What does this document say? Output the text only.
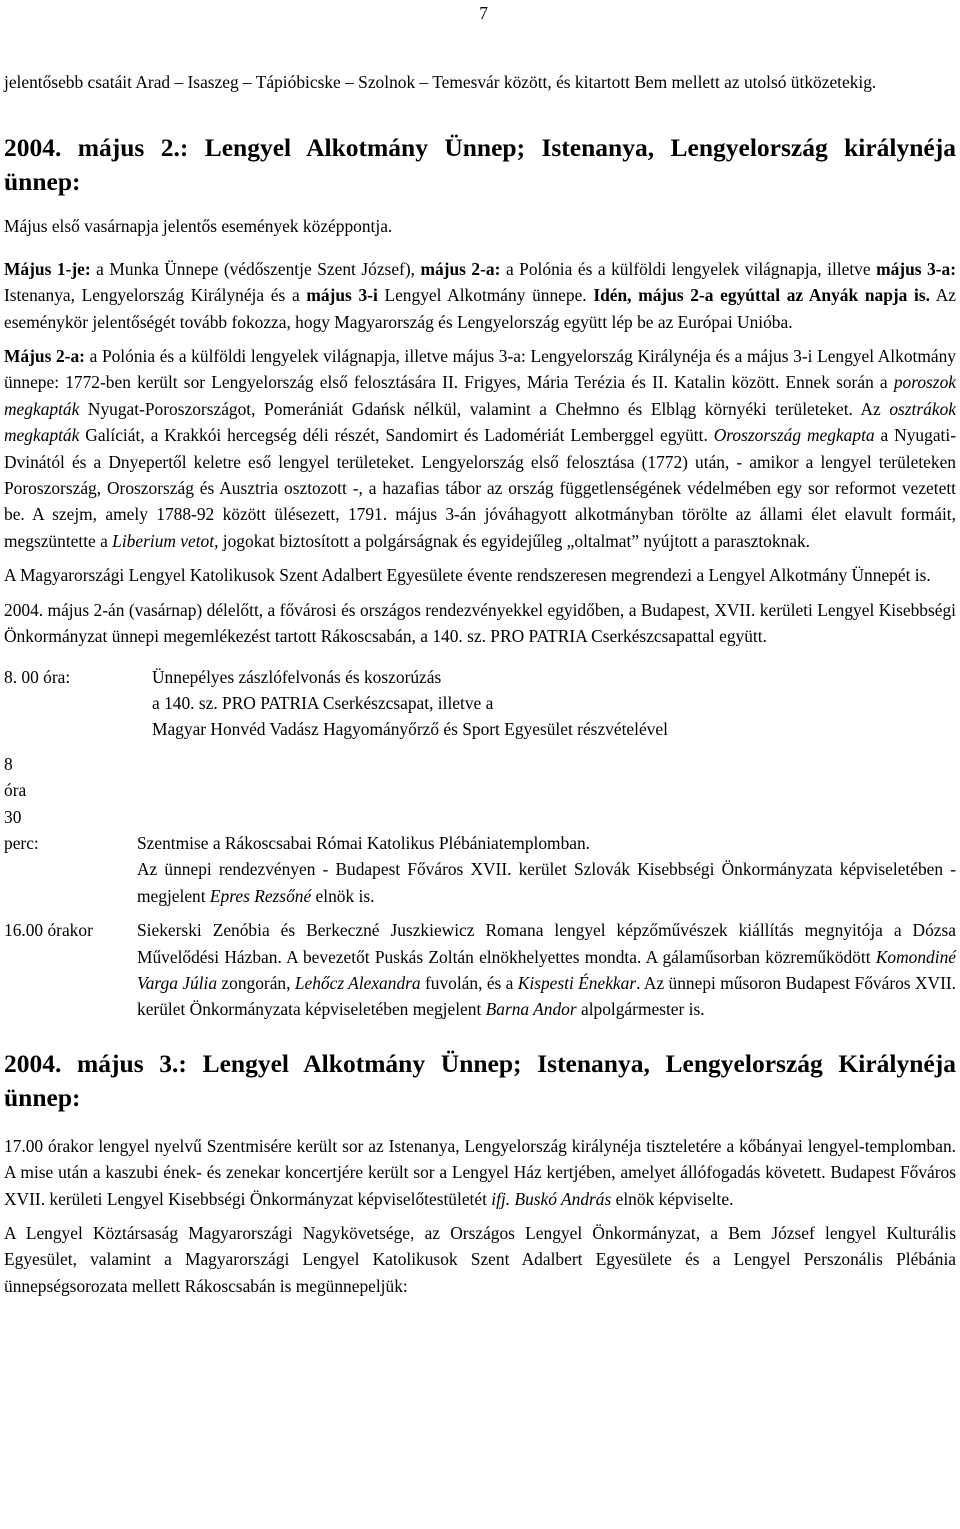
7

jelentősebb csatáit Arad – Isaszeg – Tápióbicske – Szolnok – Temesvár között, és kitartott Bem mellett az utolsó ütközetekig.

2004. május 2.: Lengyel Alkotmány Ünnep; Istenanya, Lengyelország királynéja ünnep:

Május első vasárnapja jelentős események középpontja.

Május 1-je: a Munka Ünnepe (védőszentje Szent József), május 2-a: a Polónia és a külföldi lengyelek világnapja, illetve május 3-a: Istenanya, Lengyelország Királynéja és a május 3-i Lengyel Alkotmány ünnepe. Idén, május 2-a egyúttal az Anyák napja is. Az eseménykör jelentőségét tovább fokozza, hogy Magyarország és Lengyelország együtt lép be az Európai Unióba.

Május 2-a: a Polónia és a külföldi lengyelek világnapja, illetve május 3-a: Lengyelország Királynéja és a május 3-i Lengyel Alkotmány ünnepe: 1772-ben került sor Lengyelország első felosztására II. Frigyes, Mária Terézia és II. Katalin között. Ennek során a poroszok megkapták Nyugat-Poroszországot, Pomerániát Gdańsk nélkül, valamint a Chełmno és Elbląg környéki területeket. Az osztrákok megkapták Galíciát, a Krakkói hercegség déli részét, Sandomirt és Ladomériát Lemberggel együtt. Oroszország megkapta a Nyugati-Dvinától és a Dnyepertől keletre eső lengyel területeket. Lengyelország első felosztása (1772) után, - amikor a lengyel területeken Poroszország, Oroszország és Ausztria osztozott -, a hazafias tábor az ország függetlenségének védelmében egy sor reformot vezetett be. A szejm, amely 1788-92 között ülésezett, 1791. május 3-án jóváhagyott alkotmányban törölte az állami élet elavult formáit, megszüntette a Liberium vetot, jogokat biztosított a polgárságnak és egyidejűleg „oltalmat” nyújtott a parasztoknak.

A Magyarországi Lengyel Katolikusok Szent Adalbert Egyesülete évente rendszeresen megrendezi a Lengyel Alkotmány Ünnepét is.

2004. május 2-án (vasárnap) délelőtt, a fővárosi és országos rendezvényekkel egyidőben, a Budapest, XVII. kerületi Lengyel Kisebbségi Önkormányzat ünnepi megemlékezést tartott Rákoscsabán, a 140. sz. PRO PATRIA Cserkészcsapattal együtt.

8. 00 óra:	Ünnepélyes zászlófelvonás és koszorúzás
a 140. sz. PRO PATRIA Cserkészcsapat, illetve a
Magyar Honvéd Vadász Hagyományőrző és Sport Egyesület részvételével
8 óra 30 perc:	Szentmise a Rákoscsabai Római Katolikus Plébániatemplomban.
Az ünnepi rendezvényen - Budapest Főváros XVII. kerület Szlovák Kisebbségi Önkormányzata képviseletében - megjelent Epres Rezsőné elnök is.
16.00 órakor	Siekerski Zenóbia és Berkeczné Juszkiewicz Romana lengyel képzőművészek kiállítás megnyitója a Dózsa Művelődési Házban. A bevezetőt Puskás Zoltán elnökhelyettes mondta. A gálaműsorban közreműködött Komondiné Varga Júlia zongorán, Lehőcz Alexandra fuvolán, és a Kispesti Énekkar. Az ünnepi műsoron Budapest Főváros XVII. kerület Önkormányzata képviseletében megjelent Barna Andor alpolgármester is.
2004. május 3.: Lengyel Alkotmány Ünnep; Istenanya, Lengyelország Királynéja ünnep:

17.00 órakor lengyel nyelvű Szentmisére került sor az Istenanya, Lengyelország királynéja tiszteletére a kőbányai lengyel-templomban. A mise után a kaszubi ének- és zenekar koncertjére került sor a Lengyel Ház kertjében, amelyet állófogadás követett. Budapest Főváros XVII. kerületi Lengyel Kisebbségi Önkormányzat képviselőtestületét ifj. Buskó András elnök képviselte.

A Lengyel Köztársaság Magyarországi Nagykövetsége, az Országos Lengyel Önkormányzat, a Bem József lengyel Kulturális Egyesület, valamint a Magyarországi Lengyel Katolikusok Szent Adalbert Egyesülete és a Lengyel Perszonális Plébánia ünnepségsorozata mellett Rákoscsabán is megünnepeljük:
